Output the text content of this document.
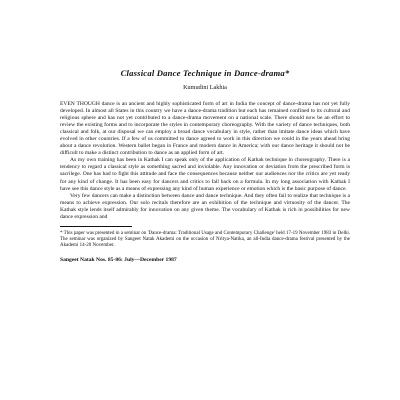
Classical Dance Technique in Dance-drama*
Kumudini Lakhia

EVEN THOUGH dance is an ancient and highly sophisticated form of art in India the concept of dance-drama has not yet fully developed. In almost all States in this country we have a dance-drama tradition but each has remained confined to its cultural and religious sphere and has not yet contributed to a dance-drama movement on a national scale. There should now be an effort to review the existing forms and to incorporate the styles in contemporary choreography. With the variety of dance techniques, both classical and folk, at our disposal we can employ a broad dance vocabulary in style, rather than imitate dance ideas which have evolved in other countries. If a few of us committed to dance agreed to work in this direction we could in the years ahead bring about a dance revolution. Western ballet began in France and modern dance in America; with our dance heritage it should not be difficult to make a distinct contribution to dance as an applied form of art.

As my own training has been in Kathak I can speak only of the application of Kathak technique in choreography. There is a tendency to regard a classical style as something sacred and inviolable. Any innovation or deviation from the prescribed form is sacrilege. One has had to fight this attitude and face the consequences because neither our audiences nor the critics are yet ready for any kind of change. It has been easy for dancers and critics to fall back on a formula. In my long association with Kathak I have see this dance style as a means of expressing any kind of human experience or emotion which is the basic purpose of dance.

Very few dancers can make a distinction between dance and dance technique. And they often fail to realize that technique is a means to achieve expression. Our solo recitals therefore are an exhibition of the technique and virtuosity of the dancer. The Kathak style lends itself admirably for innovation on any given theme. The vocabulary of Kathak is rich in possibilities for new dance expression and

* This paper was presented in a seminar on 'Dance-drama: Traditional Usage and Contemporary Challenge' held 17-19 November 1983 in Delhi. The seminar was organized by Sangeet Natak Akademi on the occasion of Nritya-Natika, an all-India dance-drama festival presented by the Akademi 14-20 November.

Sangeet Natak Nos. 85-86: July—December 1987
